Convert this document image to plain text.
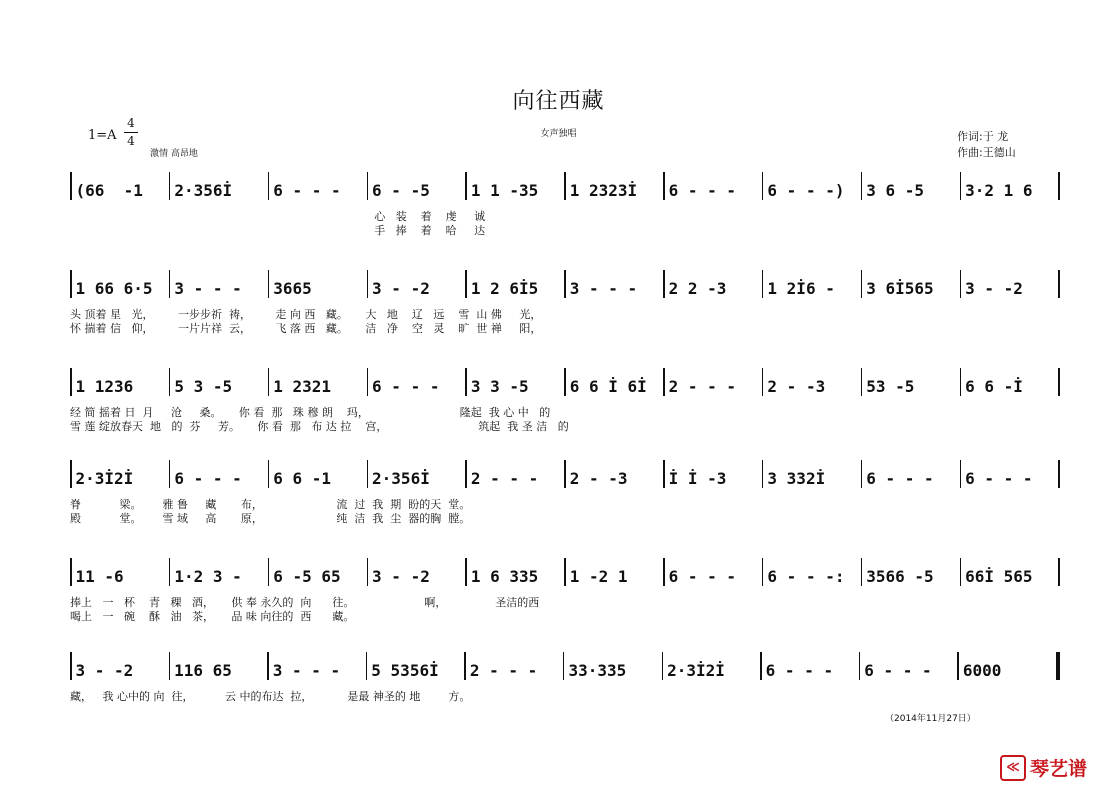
向往西藏
1=A
4
4
激情 高昂地
女声独唱	作词:于 龙
作曲:王德山
(66  -1	2·356İ	6 - - -	6 - -5	1 1 -35	1 2323İ	6 - - -	6 - - -)	3 6 -5	3·2 1 6
心   装    着    虔     诚
手   捧    着    哈     达
1 66 6·5	3 - - -	3665	3 - -2	1 2 6İ5	3 - - -	2 2 -3	1 2İ6 -	3 6İ565	3 - -2
头 顶着 星   光，       一步步祈  祷，       走 向 西   藏。     大   地    辽   远    雪  山 佛     光，
怀 揣着 信   仰，       一片片祥  云，       飞 落 西   藏。     洁   净    空   灵    旷  世 禅     阳，
1 1236	5 3 -5	1 2321	6 - - -	3 3 -5	6 6 İ 6İ	2 - - -	2 - -3	53 -5	6 6 -İ
经 简 摇着 日  月     沧     桑。     你 看  那   珠 穆 朗    玛，                          隆起  我 心 中   的
雪 莲 绽放春天  地   的  芬     芳。     你 看  那   布 达 拉    宫，                          筑起  我 圣 洁   的
2·3İ2İ	6 - - -	6 6 -1	2·356İ	2 - - -	2 - -3	İ İ -3	3 332İ	6 - - -	6 - - -
脊           梁。      雅 鲁     藏       布，                     流  过  我  期  盼的天  堂。
殿           堂。      雪 域     高       原，                     纯  洁  我  尘  器的胸  膛。
11 -6	1·2 3 -	6 -5 65	3 - -2	1 6 335	1 -2 1	6 - - -	6 - - -:	3566 -5	66İ 565
捧上   一   杯    青   稞   酒，     供 奉 永久的  向      往。                    啊，              圣洁的西
喝上   一   碗    酥   油   茶，     品 味 向往的  西      藏。
3 - -2	116 65	3 - - -	5 5356İ	2 - - -	33·335	2·3İ2İ	6 - - -	6 - - -	6000
藏，   我 心中的 向  往，         云 中的布达  拉，          是最 神圣的 地        方。
（2014年11月27日）
≪ 琴艺谱
